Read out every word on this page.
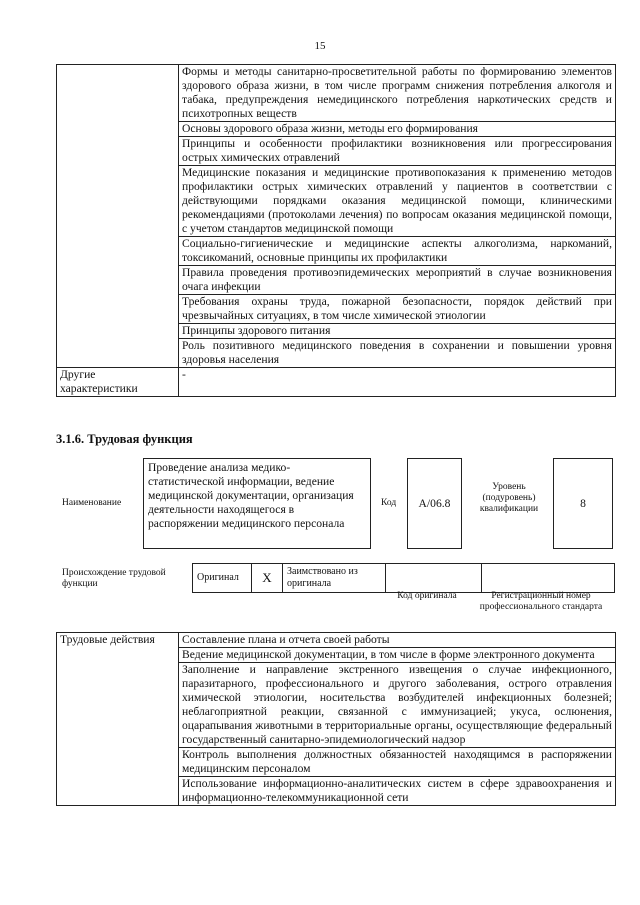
15
	Формы и методы санитарно-просветительной работы по формированию элементов здорового образа жизни, в том числе программ снижения потребления алкоголя и табака, предупреждения немедицинского потребления наркотических средств и психотропных веществ
	Основы здорового образа жизни, методы его формирования
	Принципы и особенности профилактики возникновения или прогрессирования острых химических отравлений
	Медицинские показания и медицинские противопоказания к применению методов профилактики острых химических отравлений у пациентов в соответствии с действующими порядками оказания медицинской помощи, клиническими рекомендациями (протоколами лечения) по вопросам оказания медицинской помощи, с учетом стандартов медицинской помощи
	Социально-гигиенические и медицинские аспекты алкоголизма, наркоманий, токсикоманий, основные принципы их профилактики
	Правила проведения противоэпидемических мероприятий в случае возникновения очага инфекции
	Требования охраны труда, пожарной безопасности, порядок действий при чрезвычайных ситуациях, в том числе химической этиологии
	Принципы здорового питания
	Роль позитивного медицинского поведения в сохранении и повышении уровня здоровья населения
Другие характеристики	-
3.1.6. Трудовая функция
Наименование
Проведение анализа медико-статистической информации, ведение медицинской документации, организация деятельности находящегося в распоряжении медицинского персонала
Код	A/06.8
Уровень (подуровень) квалификации	8
Происхождение трудовой функции
Оригинал	X	Заимствовано из оригинала		
Код оригинала	Регистрационный номер профессионального стандарта
Трудовые действия	Составление плана и отчета своей работы
Ведение медицинской документации, в том числе в форме электронного документа
Заполнение и направление экстренного извещения о случае инфекционного, паразитарного, профессионального и другого заболевания, острого отравления химической этиологии, носительства возбудителей инфекционных болезней; неблагоприятной реакции, связанной с иммунизацией; укуса, ослюнения, оцарапывания животными в территориальные органы, осуществляющие федеральный государственный санитарно-эпидемиологический надзор
Контроль выполнения должностных обязанностей находящимся в распоряжении медицинским персоналом
Использование информационно-аналитических систем в сфере здравоохранения и информационно-телекоммуникационной сети
